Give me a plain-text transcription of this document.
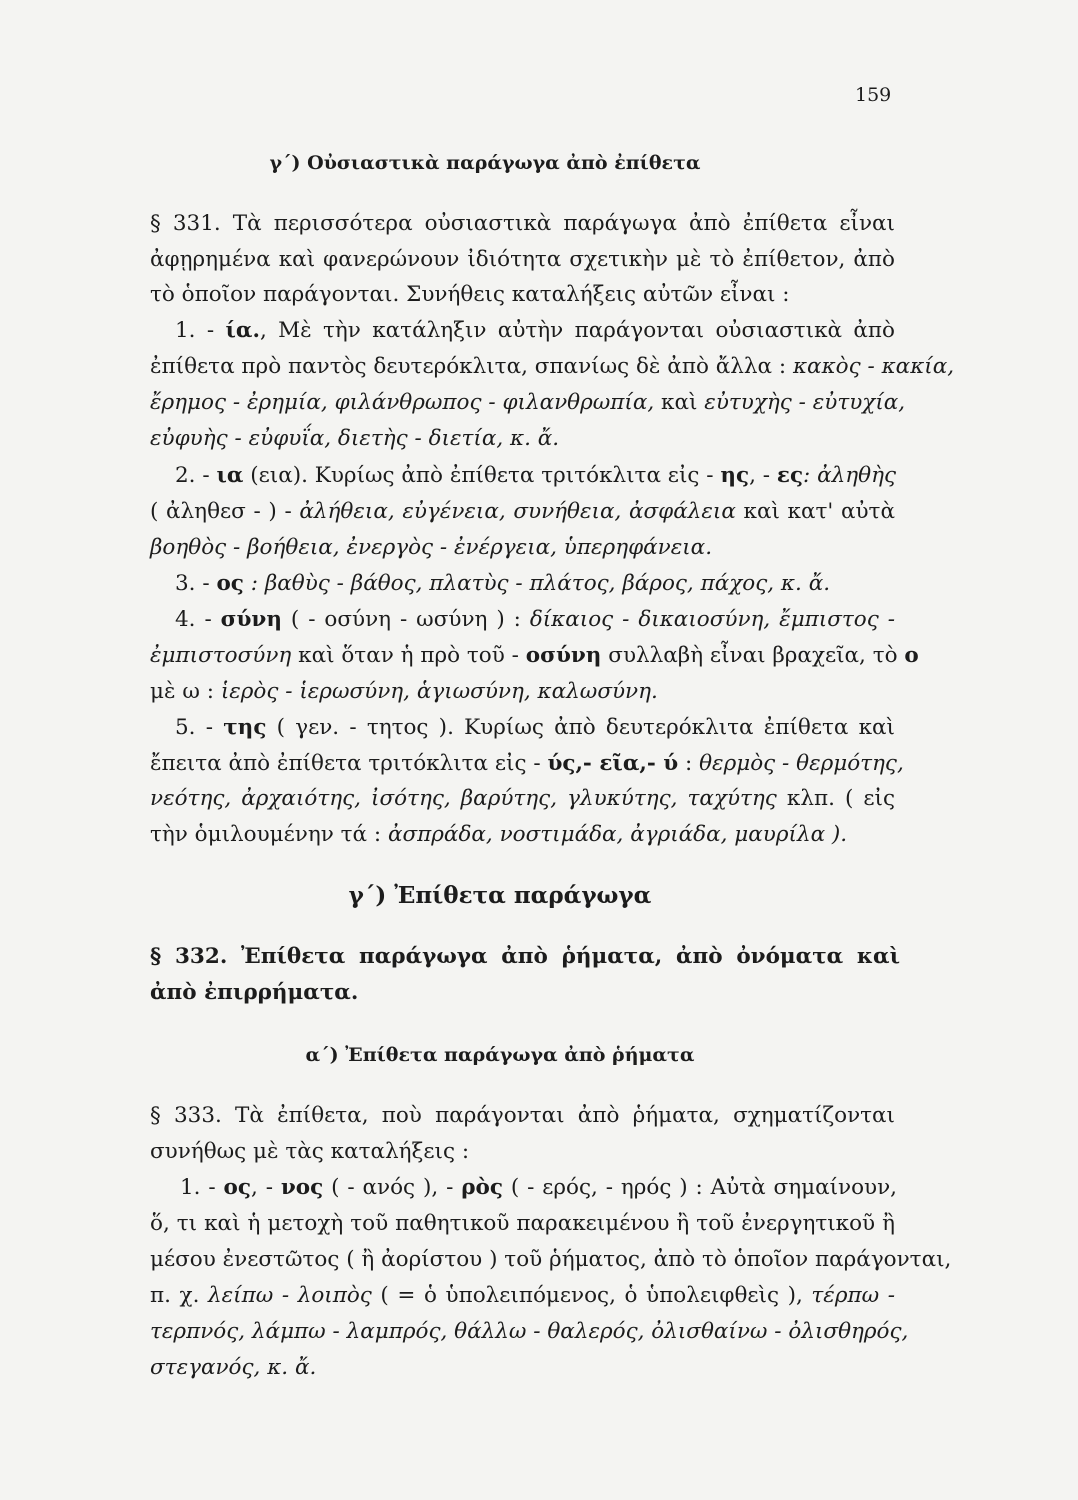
159
γ΄) Οὐσιαστικὰ παράγωγα ἀπὸ ἐπίθετα
§ 331. Τὰ περισσότερα οὐσιαστικὰ παράγωγα ἀπὸ ἐπίθετα εἶναι
ἀφῃρημένα καὶ φανερώνουν ἰδιότητα σχετικὴν μὲ τὸ ἐπίθετον, ἀπὸ
τὸ ὁποῖον παράγονται. Συνήθεις καταλήξεις αὐτῶν εἶναι :
1. - ία., Μὲ τὴν κατάληξιν αὐτὴν παράγονται οὐσιαστικὰ ἀπὸ
ἐπίθετα πρὸ παντὸς δευτερόκλιτα, σπανίως δὲ ἀπὸ ἄλλα : κακὸς - κακία,
ἔρημος - ἐρημία, φιλάνθρωπος - φιλανθρωπία, καὶ εὐτυχὴς - εὐτυχία,
εὐφυὴς - εὐφυΐα, διετὴς - διετία, κ. ἄ.
2. - ια (εια). Κυρίως ἀπὸ ἐπίθετα τριτόκλιτα εἰς - ης, - ες: ἀληθὴς
( ἀληθεσ - ) - ἀλήθεια, εὐγένεια, συνήθεια, ἀσφάλεια καὶ κατ' αὐτὰ
βοηθὸς - βοήθεια, ἐνεργὸς - ἐνέργεια, ὑπερηφάνεια.
3. - ος : βαθὺς - βάθος, πλατὺς - πλάτος, βάρος, πάχος, κ. ἄ.
4. - σύνη ( - οσύνη - ωσύνη ) : δίκαιος - δικαιοσύνη, ἔμπιστος -
ἐμπιστοσύνη καὶ ὅταν ἡ πρὸ τοῦ - οσύνη συλλαβὴ εἶναι βραχεῖα, τὸ ο
μὲ ω : ἱερὸς - ἱερωσύνη, ἁγιωσύνη, καλωσύνη.
5. - της ( γεν. - τητος ). Κυρίως ἀπὸ δευτερόκλιτα ἐπίθετα καὶ
ἔπειτα ἀπὸ ἐπίθετα τριτόκλιτα εἰς - ύς,- εῖα,- ύ : θερμὸς - θερμότης,
νεότης, ἀρχαιότης, ἰσότης, βαρύτης, γλυκύτης, ταχύτης κλπ. ( εἰς
τὴν ὁμιλουμένην τά : ἀσπράδα, νοστιμάδα, ἀγριάδα, μαυρίλα ).
γ΄) Ἐπίθετα παράγωγα
§ 332. Ἐπίθετα παράγωγα ἀπὸ ῥήματα, ἀπὸ ὀνόματα καὶ
ἀπὸ ἐπιρρήματα.
α΄) Ἐπίθετα παράγωγα ἀπὸ ῥήματα
§ 333. Τὰ ἐπίθετα, ποὺ παράγονται ἀπὸ ῥήματα, σχηματίζονται
συνήθως μὲ τὰς καταλήξεις :
1. - ος, - νος ( - ανός ), - ρὸς ( - ερός, - ηρός ) : Αὐτὰ σημαίνουν,
ὅ, τι καὶ ἡ μετοχὴ τοῦ παθητικοῦ παρακειμένου ἢ τοῦ ἐνεργητικοῦ ἢ
μέσου ἐνεστῶτος ( ἢ ἀορίστου ) τοῦ ῥήματος, ἀπὸ τὸ ὁποῖον παράγονται,
π. χ. λείπω - λοιπὸς ( = ὁ ὑπολειπόμενος, ὁ ὑπολειφθεὶς ), τέρπω -
τερπνός, λάμπω - λαμπρός, θάλλω - θαλερός, ὀλισθαίνω - ὀλισθηρός,
στεγανός, κ. ἄ.
